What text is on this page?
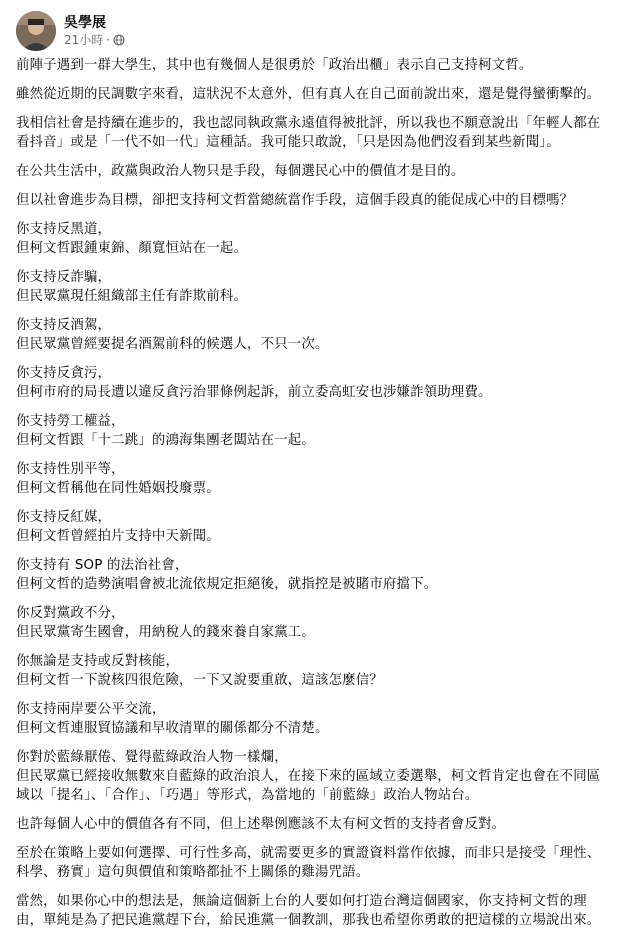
吳學展
21小時 ·
前陣子遇到一群大學生，其中也有幾個人是很勇於「政治出櫃」表示自己支持柯文哲。
雖然從近期的民調數字來看，這狀況不太意外，但有真人在自己面前說出來，還是覺得蠻衝擊的。
我相信社會是持續在進步的，我也認同執政黨永遠值得被批評，所以我也不願意說出「年輕人都在
看抖音」或是「一代不如一代」這種話。我可能只敢說，「只是因為他們沒看到某些新聞」。
在公共生活中，政黨與政治人物只是手段，每個選民心中的價值才是目的。
但以社會進步為目標，卻把支持柯文哲當總統當作手段，這個手段真的能促成心中的目標嗎？
你支持反黑道，
但柯文哲跟鍾東錦、顏寬恒站在一起。
你支持反詐騙，
但民眾黨現任組織部主任有詐欺前科。
你支持反酒駕，
但民眾黨曾經要提名酒駕前科的候選人，不只一次。
你支持反貪污，
但柯市府的局長遭以違反貪污治罪條例起訴，前立委高虹安也涉嫌詐領助理費。
你支持勞工權益，
但柯文哲跟「十二跳」的鴻海集團老闆站在一起。
你支持性別平等，
但柯文哲稱他在同性婚姻投廢票。
你支持反紅媒，
但柯文哲曾經拍片支持中天新聞。
你支持有 SOP 的法治社會，
但柯文哲的造勢演唱會被北流依規定拒絕後，就指控是被賭市府擋下。
你反對黨政不分，
但民眾黨寄生國會，用納稅人的錢來養自家黨工。
你無論是支持或反對核能，
但柯文哲一下說核四很危險，一下又說要重啟，這該怎麼信？
你支持兩岸要公平交流，
但柯文哲連服貿協議和早收清單的關係都分不清楚。
你對於藍綠厭倦、覺得藍綠政治人物一樣爛，
但民眾黨已經接收無數來自藍綠的政治浪人，在接下來的區域立委選舉，柯文哲肯定也會在不同區
域以「提名」、「合作」、「巧遇」等形式，為當地的「前藍綠」政治人物站台。
也許每個人心中的價值各有不同，但上述舉例應該不太有柯文哲的支持者會反對。
至於在策略上要如何選擇、可行性多高，就需要更多的實證資料當作依據，而非只是接受「理性、
科學、務實」這句與價值和策略都扯不上關係的雞湯咒語。
當然，如果你心中的想法是，無論這個新上台的人要如何打造台灣這個國家，你支持柯文哲的理
由，單純是為了把民進黨趕下台，給民進黨一個教訓，那我也希望你勇敢的把這樣的立場說出來。
